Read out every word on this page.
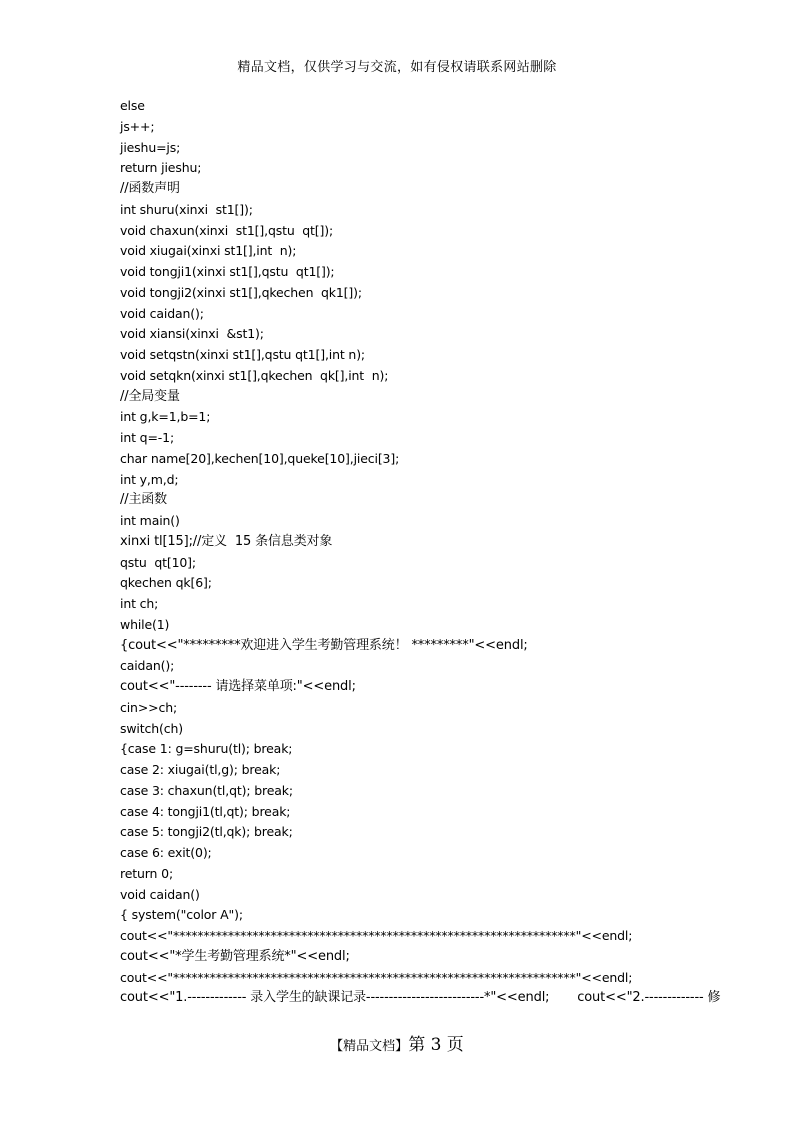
精品文档，仅供学习与交流，如有侵权请联系网站删除
else
js++;
jieshu=js;
return jieshu;
//函数声明
int shuru(xinxi  st1[]);
void chaxun(xinxi  st1[],qstu  qt[]);
void xiugai(xinxi st1[],int  n);
void tongji1(xinxi st1[],qstu  qt1[]);
void tongji2(xinxi st1[],qkechen  qk1[]);
void caidan();
void xiansi(xinxi  &st1);
void setqstn(xinxi st1[],qstu qt1[],int n);
void setqkn(xinxi st1[],qkechen  qk[],int  n);
//全局变量
int g,k=1,b=1;
int q=-1;
char name[20],kechen[10],queke[10],jieci[3];
int y,m,d;
//主函数
int main()
xinxi tl[15];//定义  15 条信息类对象
qstu  qt[10];
qkechen qk[6];
int ch;
while(1)
{cout<<"*********欢迎进入学生考勤管理系统！ *********"<<endl;
caidan();
cout<<"-------- 请选择菜单项:"<<endl;
cin>>ch;
switch(ch)
{case 1: g=shuru(tl); break;
case 2: xiugai(tl,g); break;
case 3: chaxun(tl,qt); break;
case 4: tongji1(tl,qt); break;
case 5: tongji2(tl,qk); break;
case 6: exit(0);
return 0;
void caidan()
{ system("color A");
cout<<"******************************************************************"<<endl;
cout<<"*学生考勤管理系统*"<<endl;
cout<<"******************************************************************"<<endl;
cout<<"1.------------- 录入学生的缺课记录--------------------------*"<<endl;       cout<<"2.------------- 修
【精品文档】第 3 页
